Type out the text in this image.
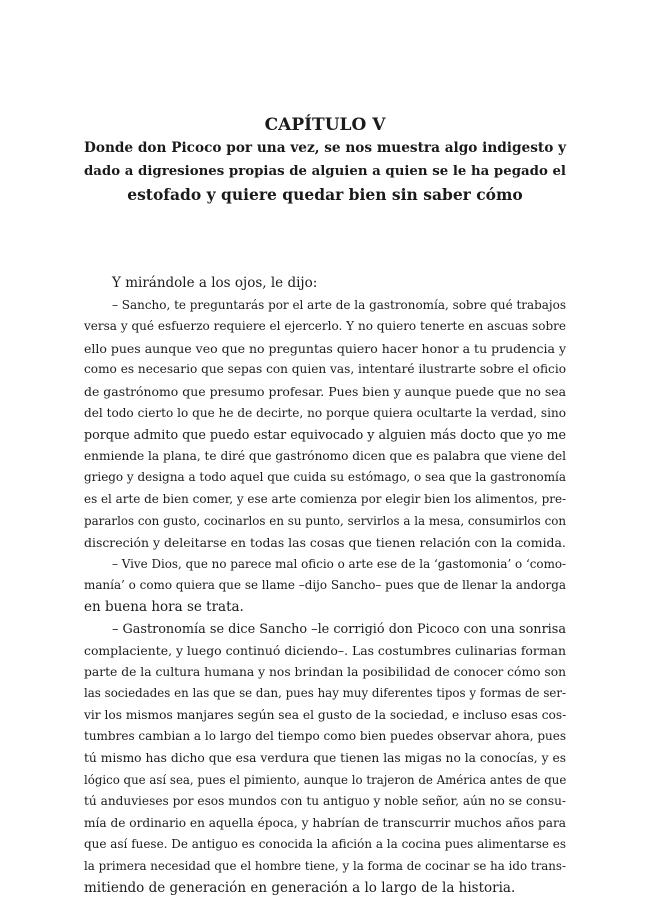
CAPÍTULO V
Donde don Picoco por una vez, se nos muestra algo indigesto y
dado a digresiones propias de alguien a quien se le ha pegado el
estofado y quiere quedar bien sin saber cómo
Y mirándole a los ojos, le dijo:
– Sancho, te preguntarás por el arte de la gastronomía, sobre qué trabajos
versa y qué esfuerzo requiere el ejercerlo. Y no quiero tenerte en ascuas sobre
ello pues aunque veo que no preguntas quiero hacer honor a tu prudencia y
como es necesario que sepas con quien vas, intentaré ilustrarte sobre el oficio
de gastrónomo que presumo profesar. Pues bien y aunque puede que no sea
del todo cierto lo que he de decirte, no porque quiera ocultarte la verdad, sino
porque admito que puedo estar equivocado y alguien más docto que yo me
enmiende la plana, te diré que gastrónomo dicen que es palabra que viene del
griego y designa a todo aquel que cuida su estómago, o sea que la gastronomía
es el arte de bien comer, y ese arte comienza por elegir bien los alimentos, pre-
pararlos con gusto, cocinarlos en su punto, servirlos a la mesa, consumirlos con
discreción y deleitarse en todas las cosas que tienen relación con la comida.
– Vive Dios, que no parece mal oficio o arte ese de la ‘gastomonia’ o ‘como-
manía’ o como quiera que se llame –dijo Sancho– pues que de llenar la andorga
en buena hora se trata.
– Gastronomía se dice Sancho –le corrigió don Picoco con una sonrisa
complaciente, y luego continuó diciendo–. Las costumbres culinarias forman
parte de la cultura humana y nos brindan la posibilidad de conocer cómo son
las sociedades en las que se dan, pues hay muy diferentes tipos y formas de ser-
vir los mismos manjares según sea el gusto de la sociedad, e incluso esas cos-
tumbres cambian a lo largo del tiempo como bien puedes observar ahora, pues
tú mismo has dicho que esa verdura que tienen las migas no la conocías, y es
lógico que así sea, pues el pimiento, aunque lo trajeron de América antes de que
tú anduvieses por esos mundos con tu antiguo y noble señor, aún no se consu-
mía de ordinario en aquella época, y habrían de transcurrir muchos años para
que así fuese. De antiguo es conocida la afición a la cocina pues alimentarse es
la primera necesidad que el hombre tiene, y la forma de cocinar se ha ido trans-
mitiendo de generación en generación a lo largo de la historia.
